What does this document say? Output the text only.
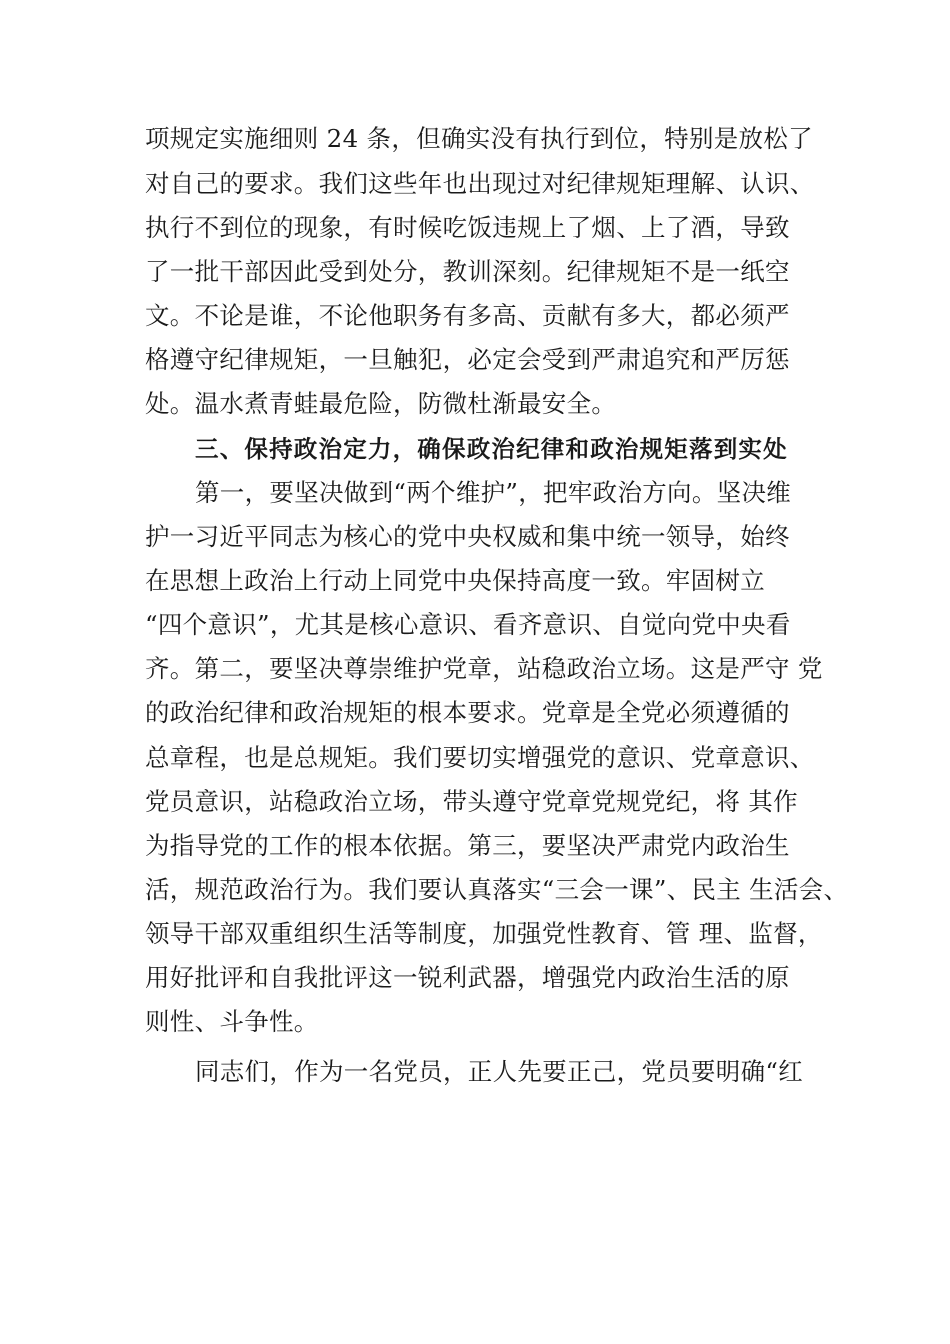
项规定实施细则 24 条，但确实没有执行到位，特别是放松了
对自己的要求。我们这些年也出现过对纪律规矩理解、认识、
执行不到位的现象，有时候吃饭违规上了烟、上了酒，导致
了一批干部因此受到处分，教训深刻。纪律规矩不是一纸空
文。不论是谁，不论他职务有多高、贡献有多大，都必须严
格遵守纪律规矩，一旦触犯，必定会受到严肃追究和严厉惩
处。温水煮青蛙最危险，防微杜渐最安全。
三、保持政治定力，确保政治纪律和政治规矩落到实处
第一，要坚决做到“两个维护”，把牢政治方向。坚决维
护一习近平同志为核心的党中央权威和集中统一领导，始终
在思想上政治上行动上同党中央保持高度一致。牢固树立
“四个意识”，尤其是核心意识、看齐意识、自觉向党中央看
齐。第二，要坚决尊崇维护党章，站稳政治立场。这是严守 党
的政治纪律和政治规矩的根本要求。党章是全党必须遵循的
总章程，也是总规矩。我们要切实增强党的意识、党章意识、
党员意识，站稳政治立场，带头遵守党章党规党纪，将 其作
为指导党的工作的根本依据。第三，要坚决严肃党内政治生
活，规范政治行为。我们要认真落实“三会一课”、民主 生活会、
领导干部双重组织生活等制度，加强党性教育、管 理、监督，
用好批评和自我批评这一锐利武器，增强党内政治生活的原
则性、斗争性。
同志们，作为一名党员，正人先要正己，党员要明确“红
